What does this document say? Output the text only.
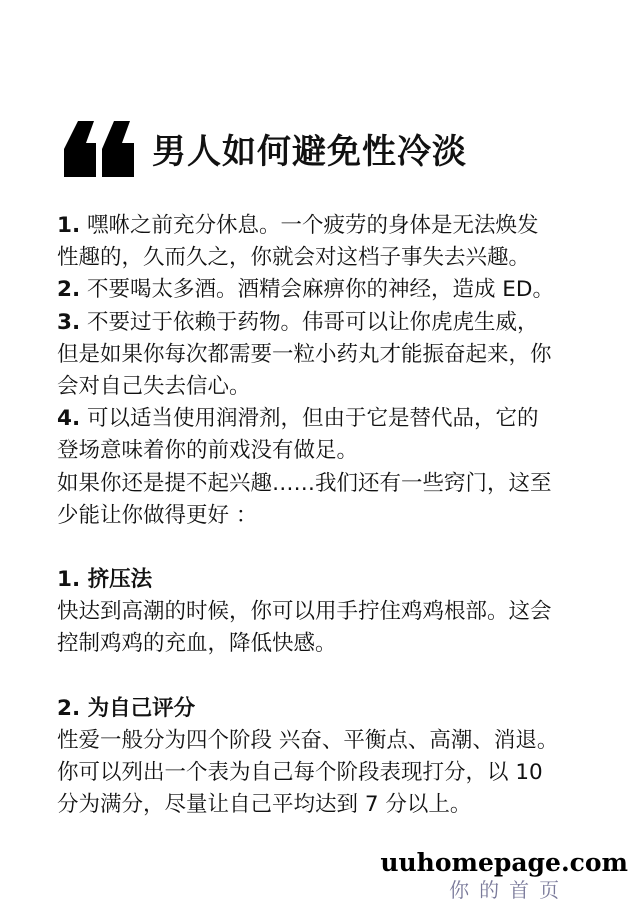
男人如何避免性冷淡
1. 嘿咻之前充分休息。一个疲劳的身体是无法焕发
性趣的，久而久之，你就会对这档子事失去兴趣。
2. 不要喝太多酒。酒精会麻痹你的神经，造成 ED。
3. 不要过于依赖于药物。伟哥可以让你虎虎生威，
但是如果你每次都需要一粒小药丸才能振奋起来，你
会对自己失去信心。
4. 可以适当使用润滑剂，但由于它是替代品，它的
登场意味着你的前戏没有做足。
如果你还是提不起兴趣……我们还有一些窍门，这至
少能让你做得更好 ：
1. 挤压法
快达到高潮的时候，你可以用手拧住鸡鸡根部。这会
控制鸡鸡的充血，降低快感。
2. 为自己评分
性爱一般分为四个阶段 兴奋、平衡点、高潮、消退。
你可以列出一个表为自己每个阶段表现打分，以 10
分为满分，尽量让自己平均达到 7 分以上。
uuhomepage.com
你的首页
